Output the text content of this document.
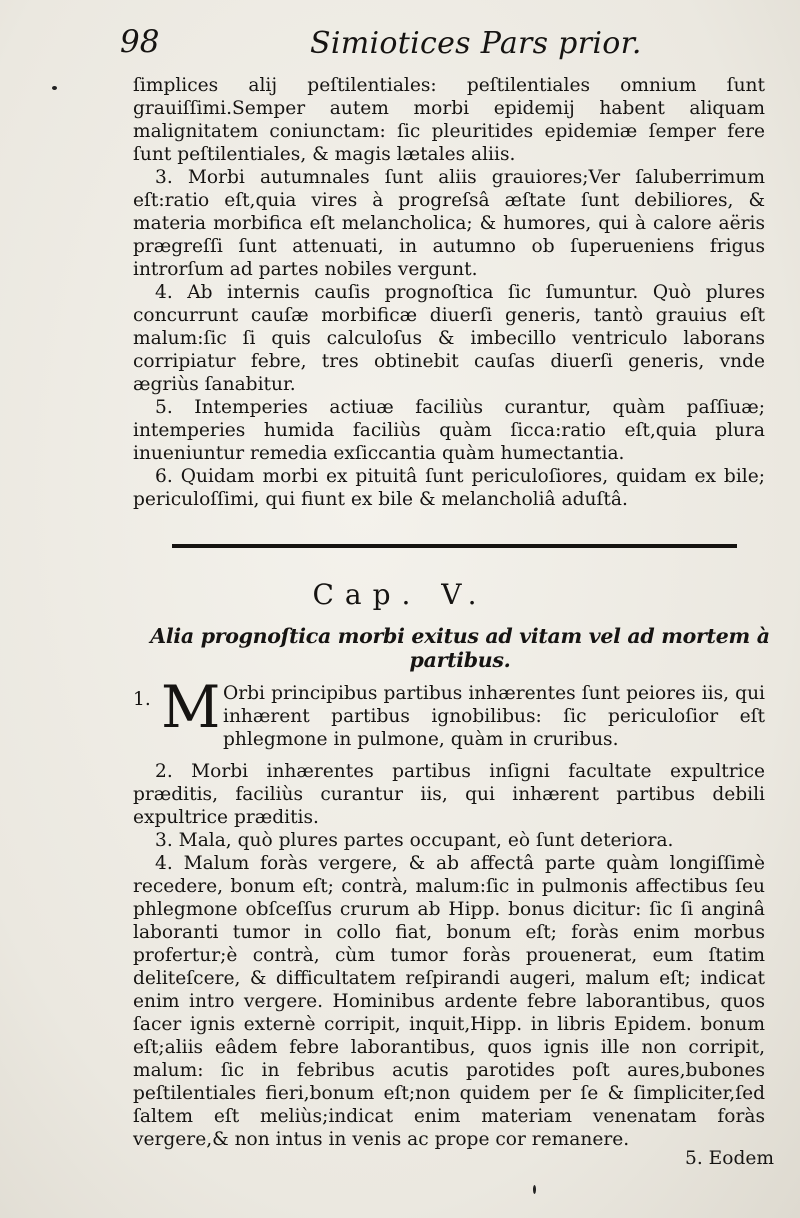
98	Simiotices Pars prior.

ſimplices alij peſtilentiales: peſtilentiales omnium ſunt grauiſſimi.Semper autem morbi epidemij habent aliquam malignitatem coniunctam: ſic pleuritides epidemiæ ſemper fere ſunt peſtilentiales, & magis lætales aliis.

3. Morbi autumnales ſunt aliis grauiores;Ver ſaluberrimum eſt:ratio eſt,quia vires à progreſsâ æſtate ſunt debiliores, & materia morbifica eſt melancholica; & humores, qui à calore aëris prægreſſi ſunt attenuati, in autumno ob ſuperueniens frigus introrſum ad partes nobiles vergunt.

4. Ab internis cauſis prognoſtica ſic ſumuntur. Quò plures concurrunt cauſæ morbificæ diuerſi generis, tantò grauius eſt malum:ſic ſi quis calculoſus & imbecillo ventriculo laborans corripiatur febre, tres obtinebit cauſas diuerſi generis, vnde ægriùs ſanabitur.

5. Intemperies actiuæ faciliùs curantur, quàm paſſiuæ; intemperies humida faciliùs quàm ſicca:ratio eſt,quia plura inueniuntur remedia exſiccantia quàm humectantia.

6. Quidam morbi ex pituitâ ſunt periculoſiores, quidam ex bile; periculoſſimi, qui fiunt ex bile & melancholiâ aduſtâ.

Cap. V.
Alia prognoſtica morbi exitus ad vitam vel ad mortem à partibus.
1. M Orbi principibus partibus inhærentes ſunt peiores iis, qui inhærent partibus ignobilibus: ſic periculoſior eſt phlegmone in pulmone, quàm in cruribus.

2. Morbi inhærentes partibus inſigni facultate expultrice præditis, faciliùs curantur iis, qui inhærent partibus debili expultrice præditis.

3. Mala, quò plures partes occupant, eò ſunt deteriora.

4. Malum foràs vergere, & ab affectâ parte quàm longiſſimè recedere, bonum eſt; contrà, malum:ſic in pulmonis affectibus ſeu phlegmone obſceſſus crurum ab Hipp. bonus dicitur: ſic ſi anginâ laboranti tumor in collo fiat, bonum eſt; foràs enim morbus profertur;è contrà, cùm tumor foràs prouenerat, eum ſtatim deliteſcere, & difficultatem reſpirandi augeri, malum eſt; indicat enim intro vergere. Hominibus ardente febre laborantibus, quos ſacer ignis externè corripit, inquit,Hipp. in libris Epidem. bonum eſt;aliis eâdem febre laborantibus, quos ignis ille non corripit, malum: ſic in febribus acutis parotides poſt aures,bubones peſtilentiales fieri,bonum eſt;non quidem per ſe & ſimpliciter,ſed ſaltem eſt meliùs;indicat enim materiam venenatam foràs vergere,& non intus in venis ac prope cor remanere.

5. Eodem
